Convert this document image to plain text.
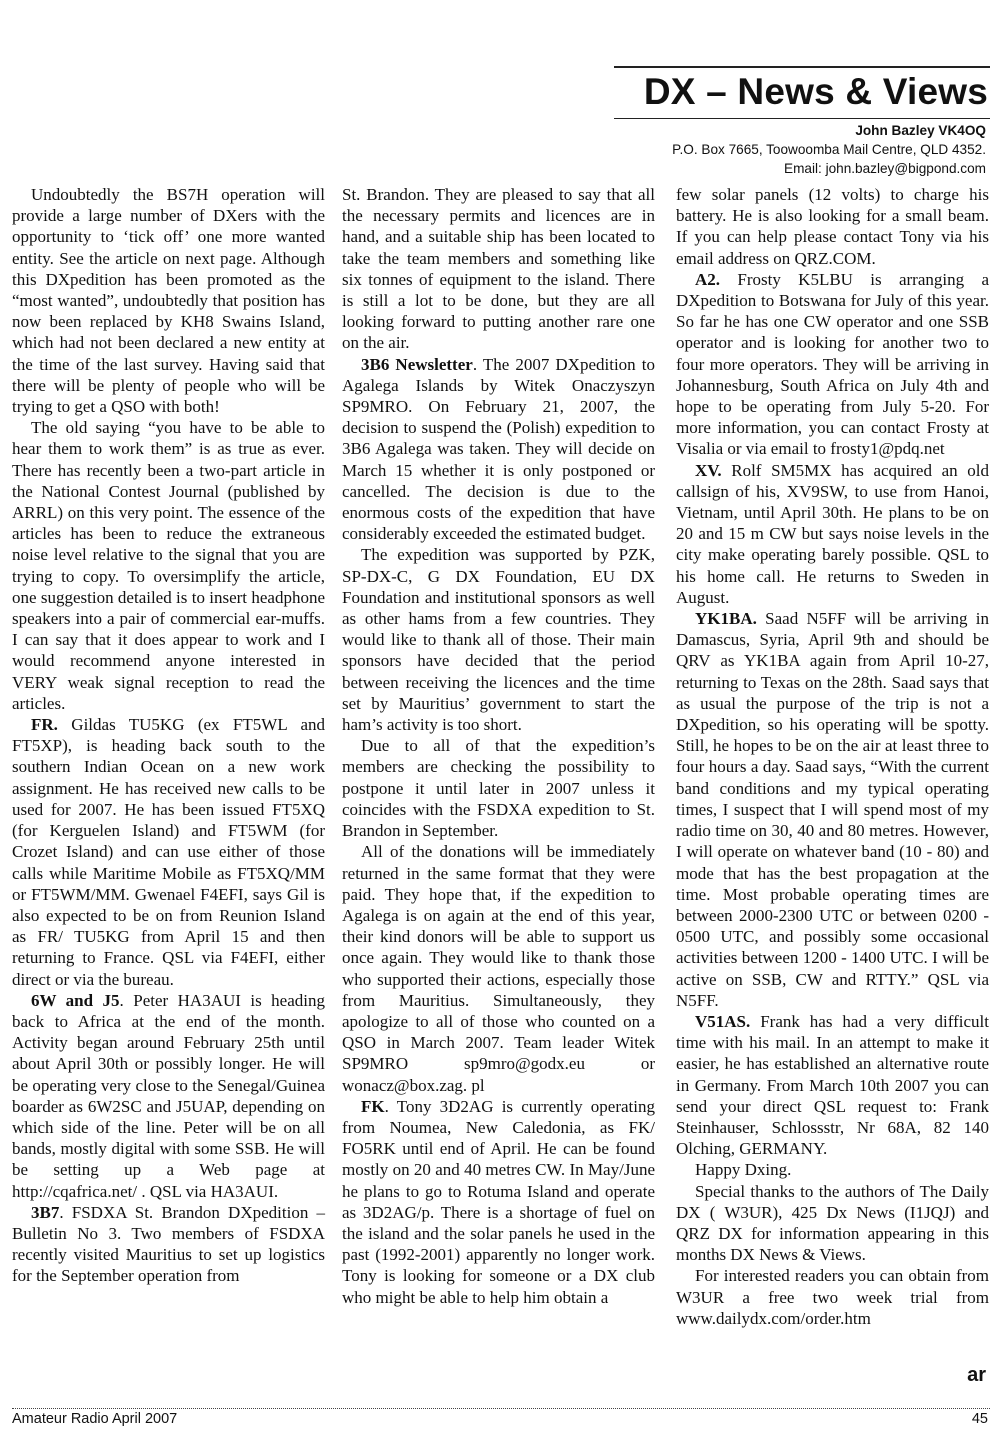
DX – News & Views
John Bazley VK4OQ
P.O. Box 7665, Toowoomba Mail Centre, QLD 4352.
Email: john.bazley@bigpond.com

Undoubtedly the BS7H operation will provide a large number of DXers with the opportunity to ‘tick off’ one more wanted entity. See the article on next page. Although this DXpedition has been promoted as the “most wanted”, undoubtedly that position has now been replaced by KH8 Swains Island, which had not been declared a new entity at the time of the last survey. Having said that there will be plenty of people who will be trying to get a QSO with both!

The old saying “you have to be able to hear them to work them” is as true as ever. There has recently been a two-part article in the National Contest Journal (published by ARRL) on this very point. The essence of the articles has been to reduce the extraneous noise level relative to the signal that you are trying to copy. To oversimplify the article, one suggestion detailed is to insert headphone speakers into a pair of commercial ear-muffs. I can say that it does appear to work and I would recommend anyone interested in VERY weak signal reception to read the articles.

FR. Gildas TU5KG (ex FT5WL and FT5XP), is heading back south to the southern Indian Ocean on a new work assignment. He has received new calls to be used for 2007. He has been issued FT5XQ (for Kerguelen Island) and FT5WM (for Crozet Island) and can use either of those calls while Maritime Mobile as FT5XQ/MM or FT5WM/MM. Gwenael F4EFI, says Gil is also expected to be on from Reunion Island as FR/ TU5KG from April 15 and then returning to France. QSL via F4EFI, either direct or via the bureau.

6W and J5. Peter HA3AUI is heading back to Africa at the end of the month. Activity began around February 25th until about April 30th or possibly longer. He will be operating very close to the Senegal/Guinea boarder as 6W2SC and J5UAP, depending on which side of the line. Peter will be on all bands, mostly digital with some SSB. He will be setting up a Web page at http://cqafrica.net/ . QSL via HA3AUI.

3B7. FSDXA St. Brandon DXpedition – Bulletin No 3. Two members of FSDXA recently visited Mauritius to set up logistics for the September operation from

St. Brandon. They are pleased to say that all the necessary permits and licences are in hand, and a suitable ship has been located to take the team members and something like six tonnes of equipment to the island. There is still a lot to be done, but they are all looking forward to putting another rare one on the air.

3B6 Newsletter. The 2007 DXpedition to Agalega Islands by Witek Onaczyszyn SP9MRO. On February 21, 2007, the decision to suspend the (Polish) expedition to 3B6 Agalega was taken. They will decide on March 15 whether it is only postponed or cancelled. The decision is due to the enormous costs of the expedition that have considerably exceeded the estimated budget.

The expedition was supported by PZK, SP-DX-C, G DX Foundation, EU DX Foundation and institutional sponsors as well as other hams from a few countries. They would like to thank all of those. Their main sponsors have decided that the period between receiving the licences and the time set by Mauritius’ government to start the ham’s activity is too short.

Due to all of that the expedition’s members are checking the possibility to postpone it until later in 2007 unless it coincides with the FSDXA expedition to St. Brandon in September.

All of the donations will be immediately returned in the same format that they were paid. They hope that, if the expedition to Agalega is on again at the end of this year, their kind donors will be able to support us once again. They would like to thank those who supported their actions, especially those from Mauritius. Simultaneously, they apologize to all of those who counted on a QSO in March 2007. Team leader Witek SP9MRO sp9mro@godx.eu or wonacz@box.zag. pl

FK. Tony 3D2AG is currently operating from Noumea, New Caledonia, as FK/ FO5RK until end of April. He can be found mostly on 20 and 40 metres CW. In May/June he plans to go to Rotuma Island and operate as 3D2AG/p. There is a shortage of fuel on the island and the solar panels he used in the past (1992-2001) apparently no longer work. Tony is looking for someone or a DX club who might be able to help him obtain a

few solar panels (12 volts) to charge his battery. He is also looking for a small beam. If you can help please contact Tony via his email address on QRZ.COM.

A2. Frosty K5LBU is arranging a DXpedition to Botswana for July of this year. So far he has one CW operator and one SSB operator and is looking for another two to four more operators. They will be arriving in Johannesburg, South Africa on July 4th and hope to be operating from July 5-20. For more information, you can contact Frosty at Visalia or via email to frosty1@pdq.net

XV. Rolf SM5MX has acquired an old callsign of his, XV9SW, to use from Hanoi, Vietnam, until April 30th. He plans to be on 20 and 15 m CW but says noise levels in the city make operating barely possible. QSL to his home call. He returns to Sweden in August.

YK1BA. Saad N5FF will be arriving in Damascus, Syria, April 9th and should be QRV as YK1BA again from April 10-27, returning to Texas on the 28th. Saad says that as usual the purpose of the trip is not a DXpedition, so his operating will be spotty. Still, he hopes to be on the air at least three to four hours a day. Saad says, “With the current band conditions and my typical operating times, I suspect that I will spend most of my radio time on 30, 40 and 80 metres. However, I will operate on whatever band (10 - 80) and mode that has the best propagation at the time. Most probable operating times are between 2000-2300 UTC or between 0200 - 0500 UTC, and possibly some occasional activities between 1200 - 1400 UTC. I will be active on SSB, CW and RTTY.” QSL via N5FF.

V51AS. Frank has had a very difficult time with his mail. In an attempt to make it easier, he has established an alternative route in Germany. From March 10th 2007 you can send your direct QSL request to: Frank Steinhauser, Schlossstr, Nr 68A, 82 140 Olching, GERMANY.

Happy Dxing.

Special thanks to the authors of The Daily DX ( W3UR), 425 Dx News (I1JQJ) and QRZ DX for information appearing in this months DX News & Views.

For interested readers you can obtain from W3UR a free two week trial from www.dailydx.com/order.htm

ar
Amateur Radio April 2007	45
